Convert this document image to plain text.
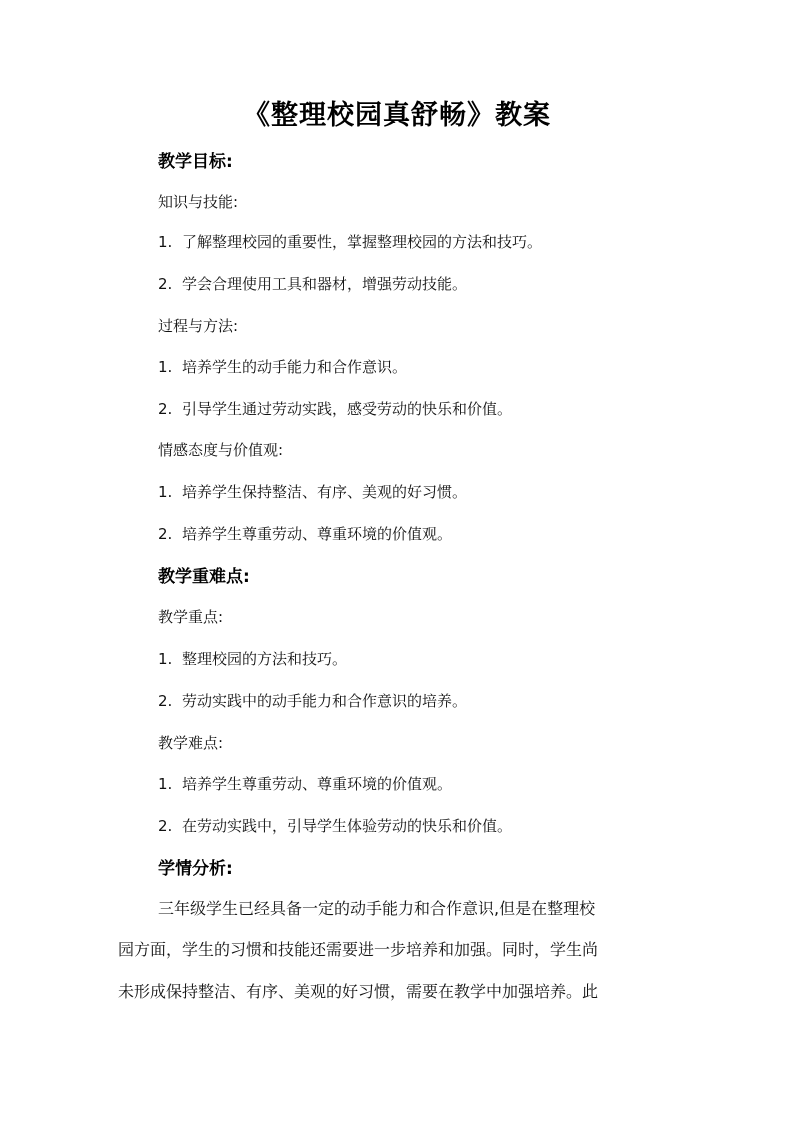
《整理校园真舒畅》教案
教学目标:
知识与技能:
1. 了解整理校园的重要性，掌握整理校园的方法和技巧。
2. 学会合理使用工具和器材，增强劳动技能。
过程与方法:
1. 培养学生的动手能力和合作意识。
2. 引导学生通过劳动实践，感受劳动的快乐和价值。
情感态度与价值观:
1. 培养学生保持整洁、有序、美观的好习惯。
2. 培养学生尊重劳动、尊重环境的价值观。
教学重难点:
教学重点:
1. 整理校园的方法和技巧。
2. 劳动实践中的动手能力和合作意识的培养。
教学难点:
1. 培养学生尊重劳动、尊重环境的价值观。
2. 在劳动实践中，引导学生体验劳动的快乐和价值。
学情分析:
三年级学生已经具备一定的动手能力和合作意识,但是在整理校
园方面，学生的习惯和技能还需要进一步培养和加强。同时，学生尚
未形成保持整洁、有序、美观的好习惯，需要在教学中加强培养。此
